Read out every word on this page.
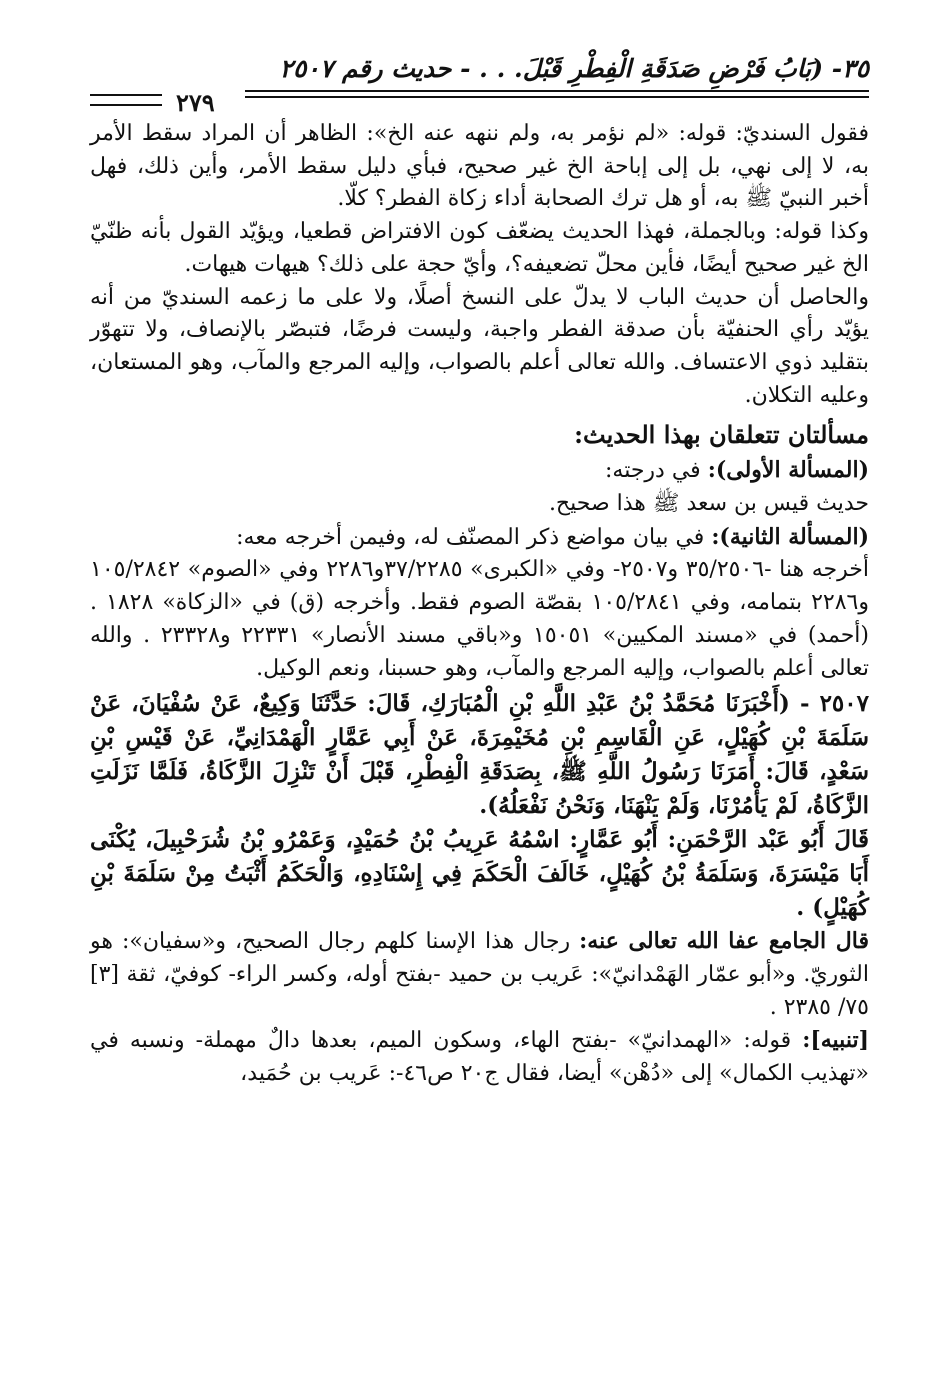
٣٥- (بَابُ فَرْضِ صَدَقَةِ الْفِطْرِ قَبْلَ. . . - حديث رقم ٢٥٠٧
٢٧٩

فقول السنديّ: قوله: «لم نؤمر به، ولم ننهه عنه الخ»: الظاهر أن المراد سقط الأمر به، لا إلى نهي، بل إلى إباحة الخ غير صحيح، فبأي دليل سقط الأمر، وأين ذلك، فهل أخبر النبيّ ﷺ به، أو هل ترك الصحابة أداء زكاة الفطر؟ كلّا.

وكذا قوله: وبالجملة، فهذا الحديث يضعّف كون الافتراض قطعيا، ويؤيّد القول بأنه ظنّيّ الخ غير صحيح أيضًا، فأين محلّ تضعيفه؟، وأيّ حجة على ذلك؟ هيهات هيهات.

والحاصل أن حديث الباب لا يدلّ على النسخ أصلًا، ولا على ما زعمه السنديّ من أنه يؤيّد رأي الحنفيّة بأن صدقة الفطر واجبة، وليست فرضًا، فتبصّر بالإنصاف، ولا تتهوّر بتقليد ذوي الاعتساف. والله تعالى أعلم بالصواب، وإليه المرجع والمآب، وهو المستعان، وعليه التكلان.

مسألتان تتعلقان بهذا الحديث:

(المسألة الأولى): في درجته:

حديث قيس بن سعد ﷺ هذا صحيح.

(المسألة الثانية): في بيان مواضع ذكر المصنّف له، وفيمن أخرجه معه:

أخرجه هنا -٣٥/٢٥٠٦ و٢٥٠٧- وفي «الكبرى» ٣٧/٢٢٨٥و٢٢٨٦ وفي «الصوم» ١٠٥/٢٨٤٢ و٢٢٨٦ بتمامه، وفي ١٠٥/٢٨٤١ بقصّة الصوم فقط. وأخرجه (ق) في «الزكاة» ١٨٢٨ . (أحمد) في «مسند المكيين» ١٥٠٥١ و«باقي مسند الأنصار» ٢٢٣٣١ و٢٣٣٢٨ . والله تعالى أعلم بالصواب، وإليه المرجع والمآب، وهو حسبنا، ونعم الوكيل.

٢٥٠٧ - (أَخْبَرَنَا مُحَمَّدُ بْنُ عَبْدِ اللَّهِ بْنِ الْمُبَارَكِ، قَالَ: حَدَّثَنَا وَكِيعٌ، عَنْ سُفْيَانَ، عَنْ سَلَمَةَ بْنِ كُهَيْلٍ، عَنِ الْقَاسِمِ بْنِ مُخَيْمِرَةَ، عَنْ أَبِي عَمَّارٍ الْهَمْدَانِيِّ، عَنْ قَيْسِ بْنِ سَعْدٍ، قَالَ: أَمَرَنَا رَسُولُ اللَّهِ ﷺ، بِصَدَقَةِ الْفِطْرِ، قَبْلَ أَنْ تَنْزِلَ الزَّكَاةُ، فَلَمَّا نَزَلَتِ الزَّكَاةُ، لَمْ يَأْمُرْنَا، وَلَمْ يَنْهَنَا، وَنَحْنُ نَفْعَلُهُ).

قَالَ أَبُو عَبْد الرَّحْمَنِ: أَبُو عَمَّارٍ: اسْمُهُ عَرِيبُ بْنُ حُمَيْدٍ، وَعَمْرُو بْنُ شُرَحْبِيلَ، يُكْنَى أَبَا مَيْسَرَةَ، وَسَلَمَةُ بْنُ كُهَيْلٍ، خَالَفَ الْحَكَمَ فِي إِسْنَادِهِ، وَالْحَكَمُ أَثْبَتُ مِنْ سَلَمَةَ بْنِ كُهَيْلٍ) .

قال الجامع عفا الله تعالى عنه: رجال هذا الإسنا كلهم رجال الصحيح، و«سفيان»: هو الثوريّ. و«أبو عمّار الهَمْدانيّ»: عَريب بن حميد -بفتح أوله، وكسر الراء- كوفيّ، ثقة [٣] ٧٥/ ٢٣٨٥ .

[تنبيه]: قوله: «الهمدانيّ» -بفتح الهاء، وسكون الميم، بعدها دالٌ مهملة- ونسبه في «تهذيب الكمال» إلى «دُهْن» أيضا، فقال ج٢٠ ص٤٦-: عَريب بن حُمَيد،
